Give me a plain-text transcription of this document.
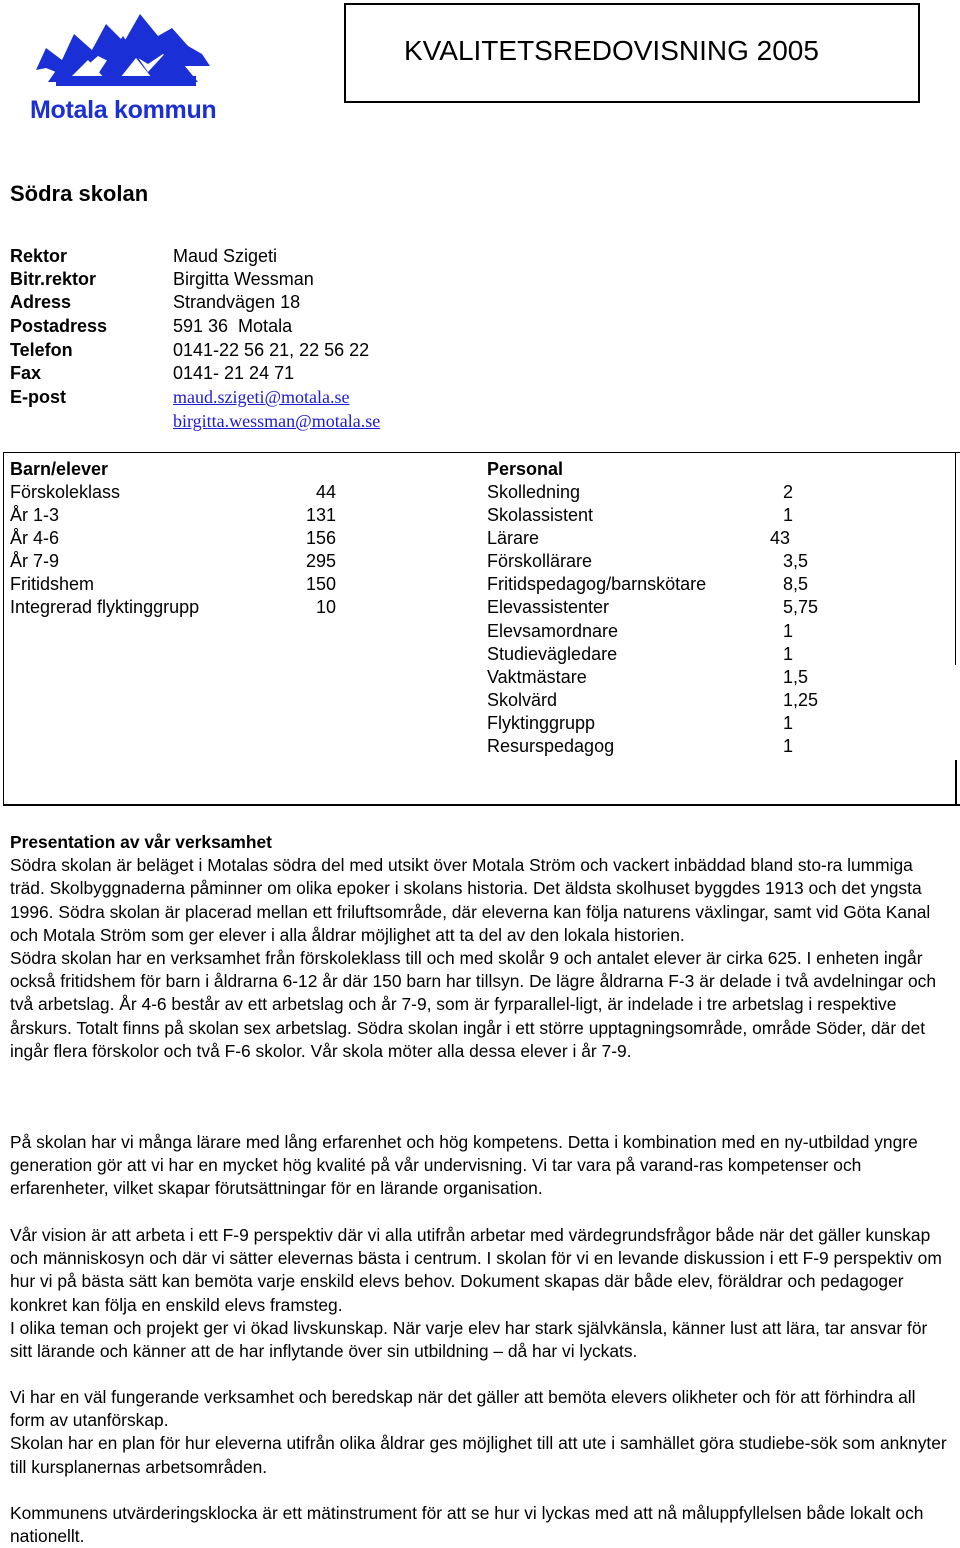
Motala kommun
KVALITETSREDOVISNING 2005
Södra skolan
Rektor	Maud Szigeti
Bitr.rektor	Birgitta Wessman
Adress	Strandvägen 18
Postadress	591 36  Motala
Telefon	0141-22 56 21, 22 56 22
Fax	0141- 21 24 71
E-post	maud.szigeti@motala.se
birgitta.wessman@motala.se
Barn/elever
Förskoleklass	44
År 1-3	131
År 4-6	156
År 7-9	295
Fritidshem	150
Integrerad flyktinggrupp	10
Personal
Skolledning	2
Skolassistent	1
Lärare	43
Förskollärare	3,5
Fritidspedagog/barnskötare	8,5
Elevassistenter	5,75
Elevsamordnare	1
Studievägledare	1
Vaktmästare	1,5
Skolvärd	1,25
Flyktinggrupp	1
Resurspedagog	1

Presentation av vår verksamhet

Södra skolan är beläget i Motalas södra del med utsikt över Motala Ström och vackert inbäddad bland sto-ra lummiga träd. Skolbyggnaderna påminner om olika epoker i skolans historia. Det äldsta skolhuset byggdes 1913 och det yngsta 1996. Södra skolan är placerad mellan ett friluftsområde, där eleverna kan följa naturens växlingar, samt vid Göta Kanal och Motala Ström som ger elever i alla åldrar möjlighet att ta del av den lokala historien.

Södra skolan har en verksamhet från förskoleklass till och med skolår 9 och antalet elever är cirka 625. I enheten ingår också fritidshem för barn i åldrarna 6-12 år där 150 barn har tillsyn. De lägre åldrarna F-3 är delade i två avdelningar och två arbetslag. År 4-6 består av ett arbetslag och år 7-9, som är fyrparallel-ligt, är indelade i tre arbetslag i respektive årskurs. Totalt finns på skolan sex arbetslag. Södra skolan ingår i ett större upptagningsområde, område Söder, där det ingår flera förskolor och två F-6 skolor. Vår skola möter alla dessa elever i år 7-9.

På skolan har vi många lärare med lång erfarenhet och hög kompetens. Detta i kombination med en ny-utbildad yngre generation gör att vi har en mycket hög kvalité på vår undervisning. Vi tar vara på varand-ras kompetenser och erfarenheter, vilket skapar förutsättningar för en lärande organisation.

Vår vision är att arbeta i ett F-9 perspektiv där vi alla utifrån arbetar med värdegrundsfrågor både när det gäller kunskap och människosyn och där vi sätter elevernas bästa i centrum. I skolan för vi en levande diskussion i ett F-9 perspektiv om hur vi på bästa sätt kan bemöta varje enskild elevs behov. Dokument skapas där både elev, föräldrar och pedagoger konkret kan följa en enskild elevs framsteg.

I olika teman och projekt ger vi ökad livskunskap. När varje elev har stark självkänsla, känner lust att lära, tar ansvar för sitt lärande och känner att de har inflytande över sin utbildning – då har vi lyckats.

Vi har en väl fungerande verksamhet och beredskap när det gäller att bemöta elevers olikheter och för att förhindra all form av utanförskap.

Skolan har en plan för hur eleverna utifrån olika åldrar ges möjlighet till att ute i samhället göra studiebe-sök som anknyter till kursplanernas arbetsområden.

Kommunens utvärderingsklocka är ett mätinstrument för att se hur vi lyckas med att nå måluppfyllelsen både lokalt och nationellt.
